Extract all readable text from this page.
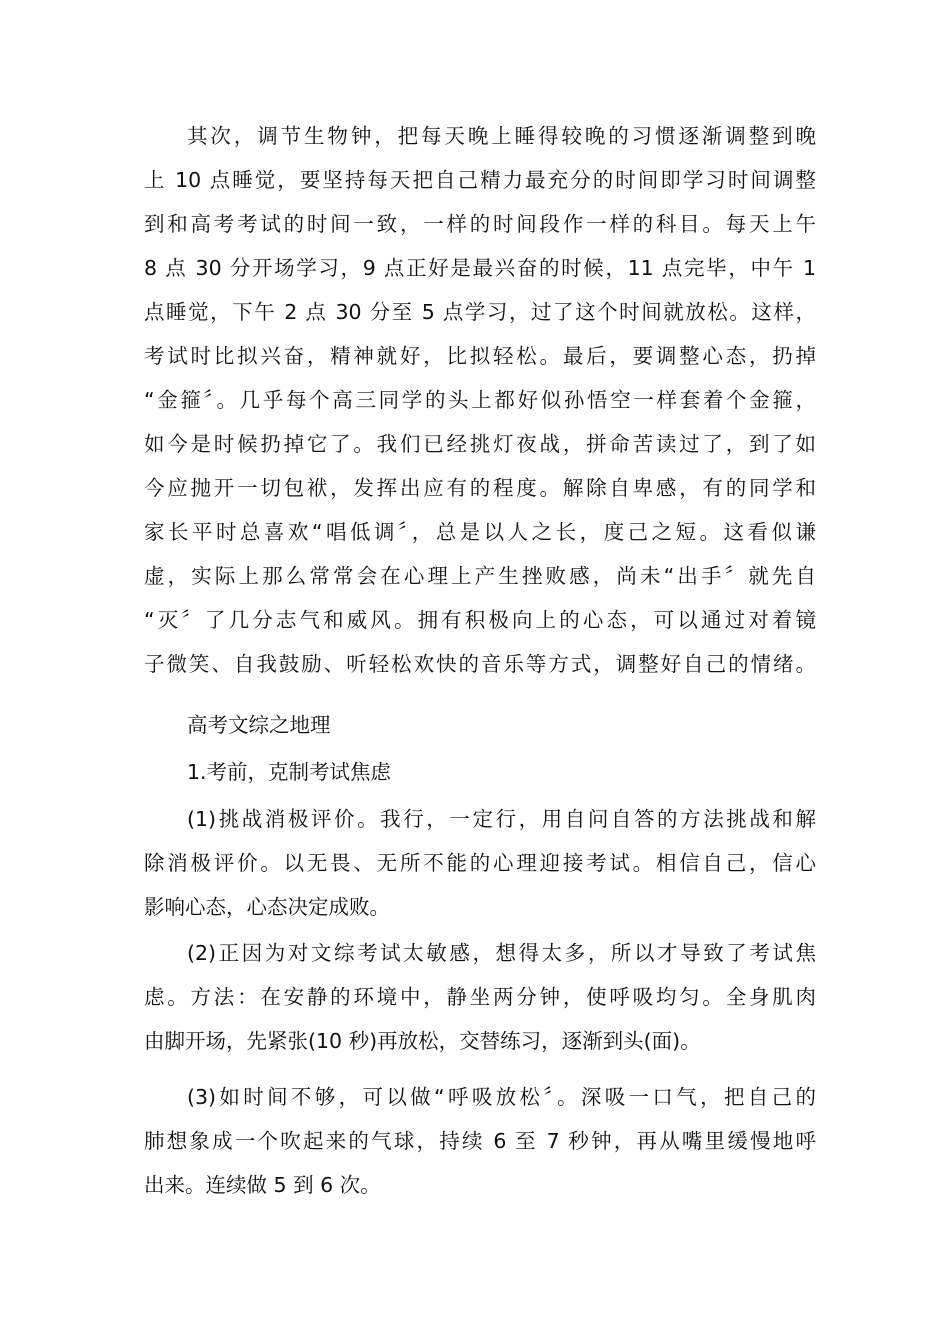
其次，调节生物钟，把每天晚上睡得较晚的习惯逐渐调整到晚
上 10 点睡觉，要坚持每天把自己精力最充分的时间即学习时间调整
到和高考考试的时间一致，一样的时间段作一样的科目。每天上午
8 点 30 分开场学习，9 点正好是最兴奋的时候，11 点完毕，中午 1
点睡觉，下午 2 点 30 分至 5 点学习，过了这个时间就放松。这样，
考试时比拟兴奋，精神就好，比拟轻松。最后，要调整心态，扔掉
“金箍〞。几乎每个高三同学的头上都好似孙悟空一样套着个金箍，
如今是时候扔掉它了。我们已经挑灯夜战，拼命苦读过了，到了如
今应抛开一切包袱，发挥出应有的程度。解除自卑感，有的同学和
家长平时总喜欢“唱低调〞，总是以人之长，度己之短。这看似谦
虚，实际上那么常常会在心理上产生挫败感，尚未“出手〞就先自
“灭〞了几分志气和威风。拥有积极向上的心态，可以通过对着镜
子微笑、自我鼓励、听轻松欢快的音乐等方式，调整好自己的情绪。
高考文综之地理
1.考前，克制考试焦虑
(1)挑战消极评价。我行，一定行，用自问自答的方法挑战和解
除消极评价。以无畏、无所不能的心理迎接考试。相信自己，信心
影响心态，心态决定成败。
(2)正因为对文综考试太敏感，想得太多，所以才导致了考试焦
虑。方法：在安静的环境中，静坐两分钟，使呼吸均匀。全身肌肉
由脚开场，先紧张(10 秒)再放松，交替练习，逐渐到头(面)。
(3)如时间不够，可以做“呼吸放松〞。深吸一口气，把自己的
肺想象成一个吹起来的气球，持续 6 至 7 秒钟，再从嘴里缓慢地呼
出来。连续做 5 到 6 次。
